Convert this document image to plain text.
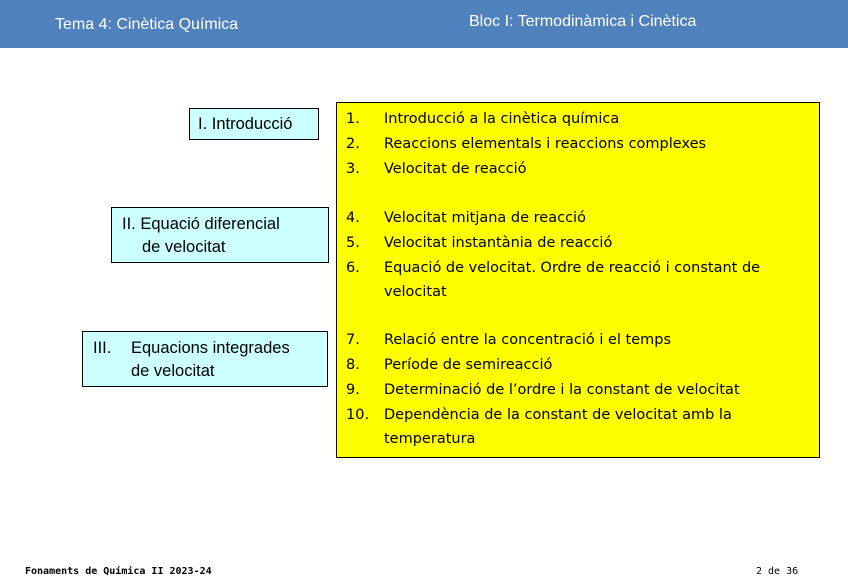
Tema 4: Cinètica Química	Bloc I: Termodinàmica i Cinètica
I. Introducció
II. Equació diferencial
de velocitat
III. Equacions integrades
de velocitat
1. Introducció a la cinètica química
2. Reaccions elementals i reaccions complexes
3. Velocitat de reacció
4. Velocitat mitjana de reacció
5. Velocitat instantània de reacció
6. Equació de velocitat. Ordre de reacció i constant de velocitat
7. Relació entre la concentració i el temps
8. Període de semireacció
9. Determinació de l’ordre i la constant de velocitat
10. Dependència de la constant de velocitat amb la temperatura
Fonaments de Química II 2023-24	2 de 36
